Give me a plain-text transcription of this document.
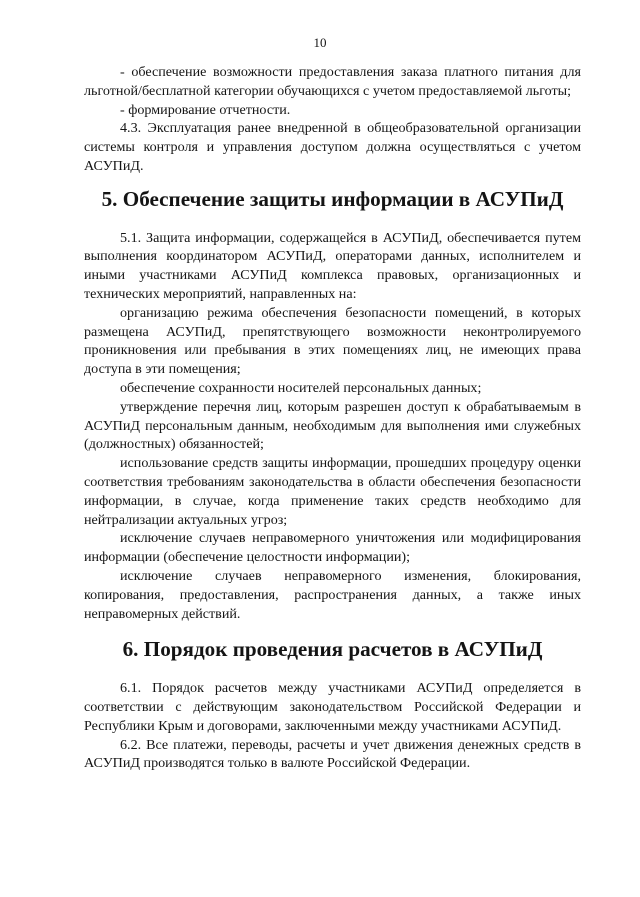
10

- обеспечение возможности предоставления заказа платного питания для льготной/бесплатной категории обучающихся с учетом предоставляемой льготы;

- формирование отчетности.

4.3. Эксплуатация ранее внедренной в общеобразовательной организации системы контроля и управления доступом должна осуществляться с учетом АСУПиД.

5. Обеспечение защиты информации в АСУПиД

5.1. Защита информации, содержащейся в АСУПиД, обеспечивается путем выполнения координатором АСУПиД, операторами данных, исполнителем и иными участниками АСУПиД комплекса правовых, организационных и технических мероприятий, направленных на:

организацию режима обеспечения безопасности помещений, в которых размещена АСУПиД, препятствующего возможности неконтролируемого проникновения или пребывания в этих помещениях лиц, не имеющих права доступа в эти помещения;

обеспечение сохранности носителей персональных данных;

утверждение перечня лиц, которым разрешен доступ к обрабатываемым в АСУПиД персональным данным, необходимым для выполнения ими служебных (должностных) обязанностей;

использование средств защиты информации, прошедших процедуру оценки соответствия требованиям законодательства в области обеспечения безопасности информации, в случае, когда применение таких средств необходимо для нейтрализации актуальных угроз;

исключение случаев неправомерного уничтожения или модифицирования информации (обеспечение целостности информации);

исключение случаев неправомерного изменения, блокирования, копирования, предоставления, распространения данных, а также иных неправомерных действий.

6. Порядок проведения расчетов в АСУПиД

6.1. Порядок расчетов между участниками АСУПиД определяется в соответствии с действующим законодательством Российской Федерации и Республики Крым и договорами, заключенными между участниками АСУПиД.

6.2. Все платежи, переводы, расчеты и учет движения денежных средств в АСУПиД производятся только в валюте Российской Федерации.
